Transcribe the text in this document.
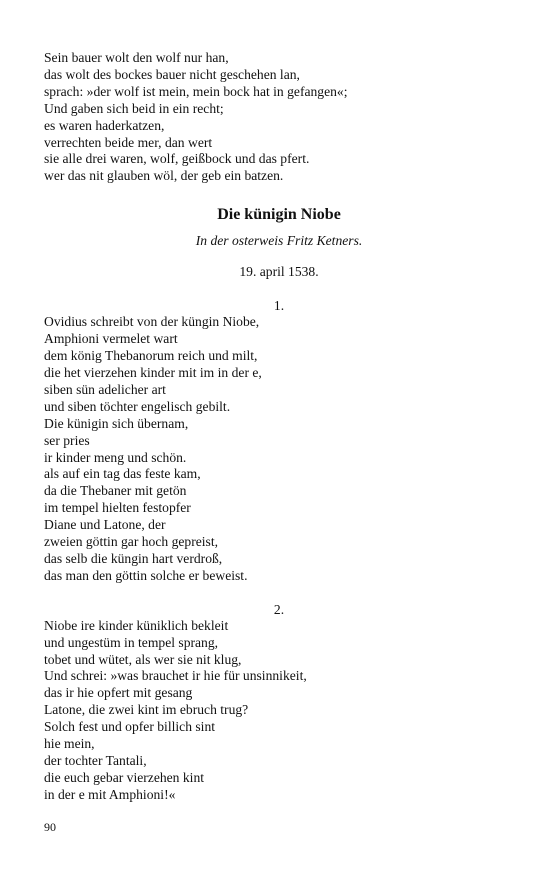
Sein bauer wolt den wolf nur han,
das wolt des bockes bauer nicht geschehen lan,
sprach: »der wolf ist mein, mein bock hat in gefangen«;
Und gaben sich beid in ein recht;
es waren haderkatzen,
verrechten beide mer, dan wert
sie alle drei waren, wolf, geißbock und das pfert.
wer das nit glauben wöl, der geb ein batzen.
Die künigin Niobe
In der osterweis Fritz Ketners.
19. april 1538.
1.
Ovidius schreibt von der küngin Niobe,
Amphioni vermelet wart
dem könig Thebanorum reich und milt,
die het vierzehen kinder mit im in der e,
siben sün adelicher art
und siben töchter engelisch gebilt.
Die künigin sich übernam,
ser pries
ir kinder meng und schön.
als auf ein tag das feste kam,
da die Thebaner mit getön
im tempel hielten festopfer
Diane und Latone, der
zweien göttin gar hoch gepreist,
das selb die küngin hart verdroß,
das man den göttin solche er beweist.
2.
Niobe ire kinder küniklich bekleit
und ungestüm in tempel sprang,
tobet und wütet, als wer sie nit klug,
Und schrei: »was brauchet ir hie für unsinnikeit,
das ir hie opfert mit gesang
Latone, die zwei kint im ebruch trug?
Solch fest und opfer billich sint
hie mein,
der tochter Tantali,
die euch gebar vierzehen kint
in der e mit Amphioni!«
90
